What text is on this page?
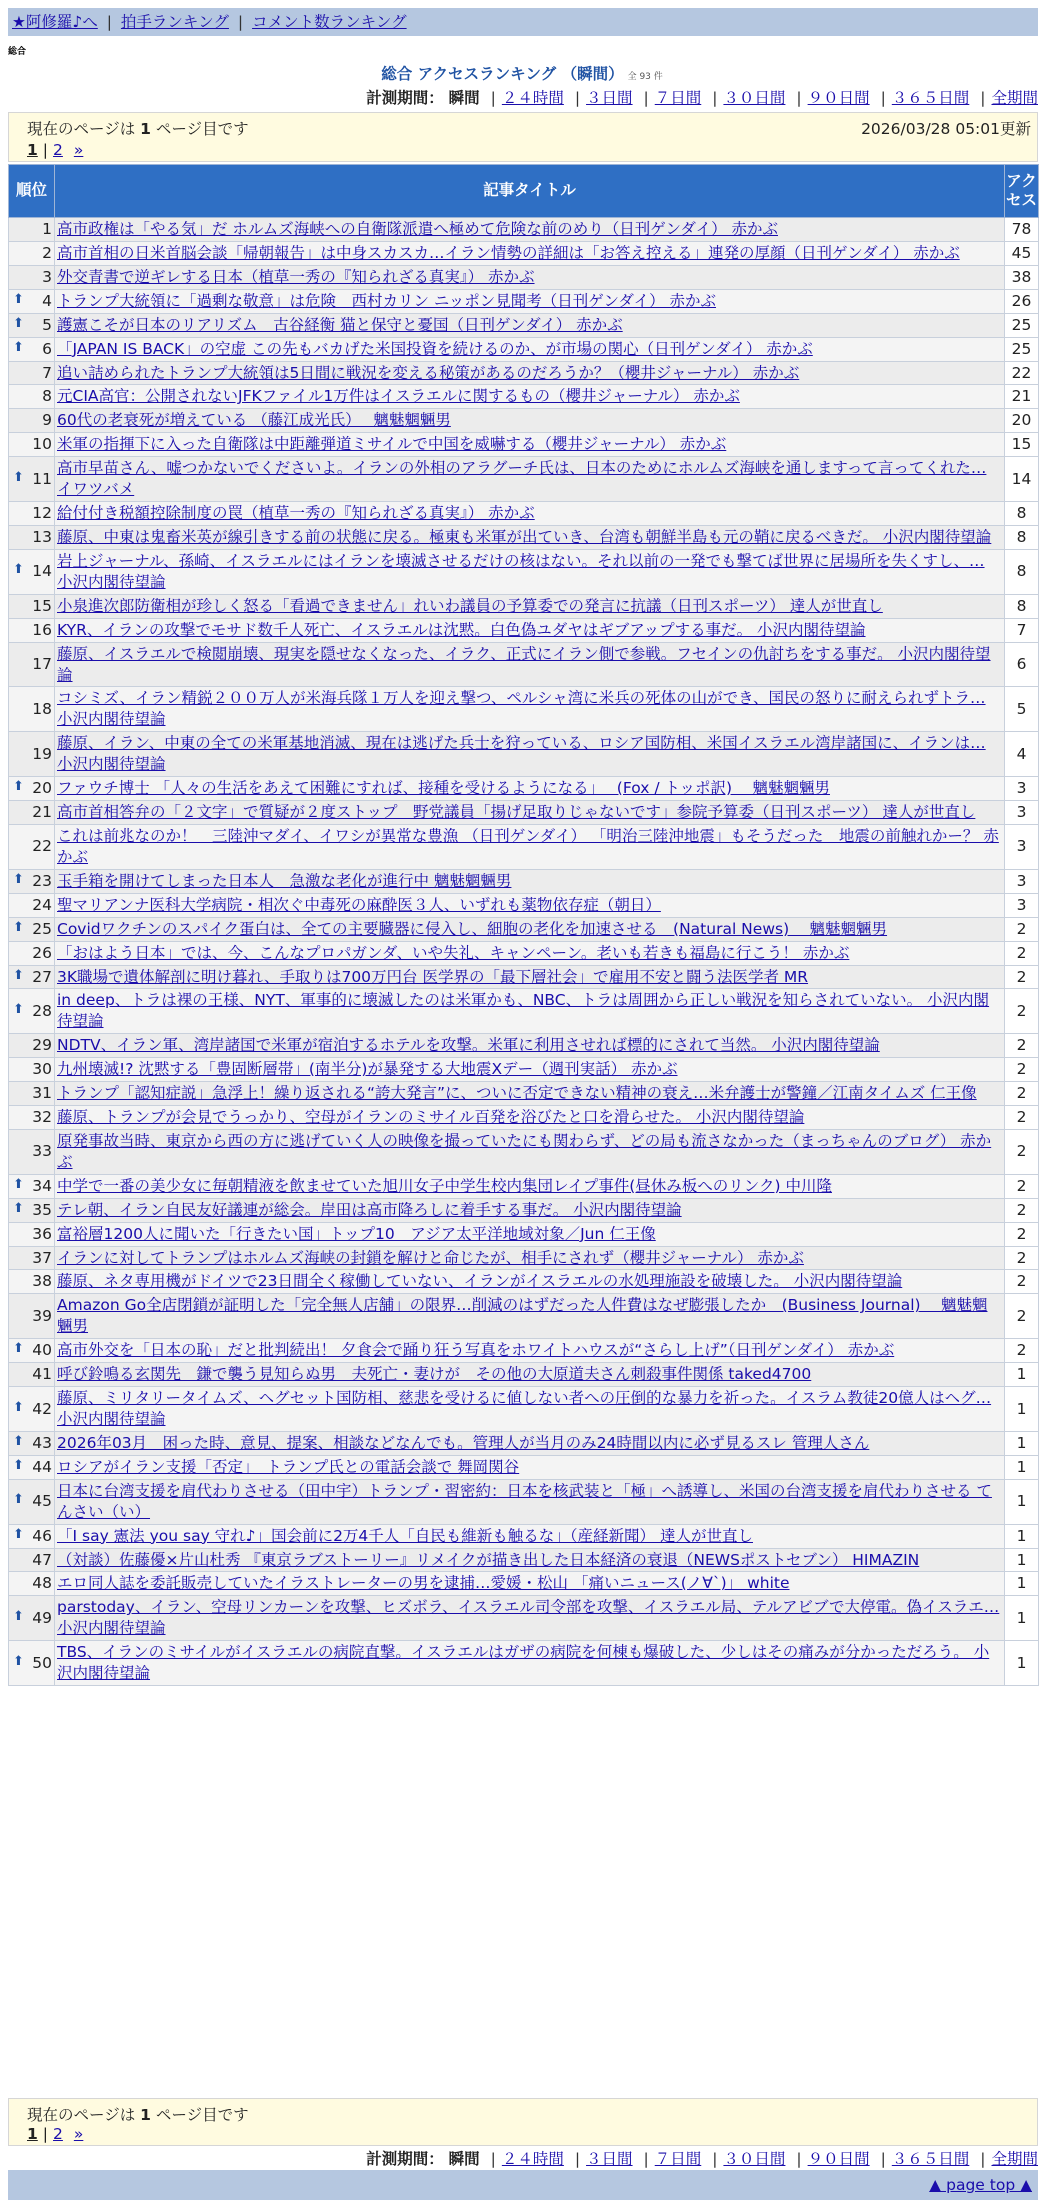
★阿修羅♪へ | 拍手ランキング | コメント数ランキング
総合
総合 アクセスランキング （瞬間） 全 93 件
計測期間： 瞬間 | ２４時間 | ３日間 | ７日間 | ３０日間 | ９０日間 | ３６５日間 | 全期間
現在のページは 1 ページ目です	2026/03/28 05:01更新
1 | 2 »
順位	記事タイトル	アクセス
1	高市政権は「やる気」だ ホルムズ海峡への自衛隊派遣へ極めて危険な前のめり（日刊ゲンダイ） 赤かぶ	78
2	高市首相の日米首脳会談「帰朝報告」は中身スカスカ…イラン情勢の詳細は「お答え控える」連発の厚顔（日刊ゲンダイ） 赤かぶ	45
3	外交青書で逆ギレする日本（植草一秀の『知られざる真実』） 赤かぶ	38

⬆ 4	トランプ大統領に「過剰な敬意」は危険　西村カリン ニッポン見聞考（日刊ゲンダイ） 赤かぶ	26

⬆ 5	護憲こそが日本のリアリズム　古谷経衡 猫と保守と憂国（日刊ゲンダイ） 赤かぶ	25

⬆ 6	「JAPAN IS BACK」の空虚 この先もバカげた米国投資を続けるのか、が市場の関心（日刊ゲンダイ） 赤かぶ	25
7	追い詰められたトランプ大統領は5日間に戦況を変える秘策があるのだろうか？（櫻井ジャーナル） 赤かぶ	22
8	元CIA高官：公開されないJFKファイル1万件はイスラエルに関するもの（櫻井ジャーナル） 赤かぶ	21
9	60代の老衰死が増えている （藤江成光氏）　 魑魅魍魎男	20
10	米軍の指揮下に入った自衛隊は中距離弾道ミサイルで中国を威嚇する（櫻井ジャーナル） 赤かぶ	15

⬆ 11	高市早苗さん、嘘つかないでくださいよ。イランの外相のアラグーチ氏は、日本のためにホルムズ海峡を通しますって言ってくれた… イワツバメ	14
12	給付付き税額控除制度の罠（植草一秀の『知られざる真実』） 赤かぶ	8
13	藤原、中東は鬼畜米英が線引きする前の状態に戻る。極東も米軍が出ていき、台湾も朝鮮半島も元の鞘に戻るべきだ。 小沢内閣待望論	8

⬆ 14	岩上ジャーナル、孫崎、イスラエルにはイランを壊滅させるだけの核はない。それ以前の一発でも撃てば世界に居場所を失くすし、… 小沢内閣待望論	8
15	小泉進次郎防衛相が珍しく怒る「看過できません」れいわ議員の予算委での発言に抗議（日刊スポーツ） 達人が世直し	8
16	KYR、イランの攻撃でモサド数千人死亡、イスラエルは沈黙。白色偽ユダヤはギブアップする事だ。 小沢内閣待望論	7
17	藤原、イスラエルで検閲崩壊、現実を隠せなくなった、イラク、正式にイラン側で参戦。フセインの仇討ちをする事だ。 小沢内閣待望論	6
18	コシミズ、イラン精鋭２００万人が米海兵隊１万人を迎え撃つ、ペルシャ湾に米兵の死体の山ができ、国民の怒りに耐えられずトラ… 小沢内閣待望論	5
19	藤原、イラン、中東の全ての米軍基地消滅、現在は逃げた兵士を狩っている、ロシア国防相、米国イスラエル湾岸諸国に、イランは… 小沢内閣待望論	4

⬆ 20	ファウチ博士 「人々の生活をあえて困難にすれば、接種を受けるようになる」　 (Fox / トッポ訳)　 魑魅魍魎男	3
21	高市首相答弁の「２文字」で質疑が２度ストップ　野党議員「揚げ足取りじゃないです」参院予算委（日刊スポーツ） 達人が世直し	3
22	これは前兆なのか！　三陸沖マダイ、イワシが異常な豊漁 （日刊ゲンダイ） 「明治三陸沖地震」もそうだった　地震の前触れかー？ 赤かぶ	3

⬆ 23	玉手箱を開けてしまった日本人　急激な老化が進行中 魑魅魍魎男	3
24	聖マリアンナ医科大学病院・相次ぐ中毒死の麻酔医３人、いずれも薬物依存症（朝日）	3

⬆ 25	Covidワクチンのスパイク蛋白は、全ての主要臓器に侵入し、細胞の老化を加速させる　(Natural News)　 魑魅魍魎男	2
26	「おはよう日本」では、今、こんなプロパガンダ、いや失礼、キャンペーン。老いも若きも福島に行こう！ 赤かぶ	2

⬆ 27	3K職場で遺体解剖に明け暮れ、手取りは700万円台 医学界の「最下層社会」で雇用不安と闘う法医学者 MR	2

⬆ 28	in deep、トラは裸の王様、NYT、軍事的に壊滅したのは米軍かも、NBC、トラは周囲から正しい戦況を知らされていない。 小沢内閣待望論	2
29	NDTV、イラン軍、湾岸諸国で米軍が宿泊するホテルを攻撃。米軍に利用させれば標的にされて当然。 小沢内閣待望論	2
30	九州壊滅!? 沈黙する「豊固断層帯」(南半分)が暴発する大地震Xデー（週刊実話） 赤かぶ	2
31	トランプ「認知症説」急浮上！繰り返される“誇大発言”に、ついに否定できない精神の衰え…米弁護士が警鐘／江南タイムズ 仁王像	2
32	藤原、トランプが会見でうっかり、空母がイランのミサイル百発を浴びたと口を滑らせた。 小沢内閣待望論	2
33	原発事故当時、東京から西の方に逃げていく人の映像を撮っていたにも関わらず、どの局も流さなかった（まっちゃんのブログ） 赤かぶ	2

⬆ 34	中学で一番の美少女に毎朝精液を飲ませていた旭川女子中学生校内集団レイプ事件(昼休み板へのリンク) 中川隆	2

⬆ 35	テレ朝、イラン自民友好議連が総会。岸田は高市降ろしに着手する事だ。 小沢内閣待望論	2
36	富裕層1200人に聞いた「行きたい国」トップ10　アジア太平洋地域対象／Jun 仁王像	2
37	イランに対してトランプはホルムズ海峡の封鎖を解けと命じたが、相手にされず（櫻井ジャーナル） 赤かぶ	2
38	藤原、ネタ専用機がドイツで23日間全く稼働していない、イランがイスラエルの水処理施設を破壊した。 小沢内閣待望論	2
39	Amazon Go全店閉鎖が証明した「完全無人店舗」の限界…削減のはずだった人件費はなぜ膨張したか　(Business Journal)　 魑魅魍魎男	2

⬆ 40	高市外交を「日本の恥」だと批判続出！ 夕食会で踊り狂う写真をホワイトハウスが“さらし上げ”（日刊ゲンダイ） 赤かぶ	2
41	呼び鈴鳴る玄関先　鎌で襲う見知らぬ男　夫死亡・妻けが　その他の大原道夫さん刺殺事件関係 taked4700	1

⬆ 42	藤原、ミリタリータイムズ、ヘグセット国防相、慈悲を受けるに値しない者への圧倒的な暴力を祈った。イスラム教徒20億人はヘグ… 小沢内閣待望論	1

⬆ 43	2026年03月　困った時、意見、提案、相談などなんでも。管理人が当月のみ24時間以内に必ず見るスレ 管理人さん	1

⬆ 44	ロシアがイラン支援「否定」　トランプ氏との電話会談で 舞岡関谷	1

⬆ 45	日本に台湾支援を肩代わりさせる（田中宇）トランプ・習密約：日本を核武装と「極」へ誘導し、米国の台湾支援を肩代わりさせる てんさい（い）	1

⬆ 46	「I say 憲法 you say 守れ♪」国会前に2万4千人「自民も維新も触るな」（産経新聞） 達人が世直し	1
47	（対談）佐藤優×片山杜秀 『東京ラブストーリー』リメイクが描き出した日本経済の衰退（NEWSポストセブン） HIMAZIN	1
48	エロ同人誌を委託販売していたイラストレーターの男を逮捕…愛媛・松山 「痛いニュース(ノ∀`)」 white	1

⬆ 49	parstoday、イラン、空母リンカーンを攻撃、ヒズボラ、イスラエル司令部を攻撃、イスラエル局、テルアビブで大停電。偽イスラエ… 小沢内閣待望論	1

⬆ 50	TBS、イランのミサイルがイスラエルの病院直撃。イスラエルはガザの病院を何棟も爆破した、少しはその痛みが分かっただろう。 小沢内閣待望論	1
現在のページは 1 ページ目です
1 | 2 »
計測期間： 瞬間 | ２４時間 | ３日間 | ７日間 | ３０日間 | ９０日間 | ３６５日間 | 全期間
▲ page top ▲
